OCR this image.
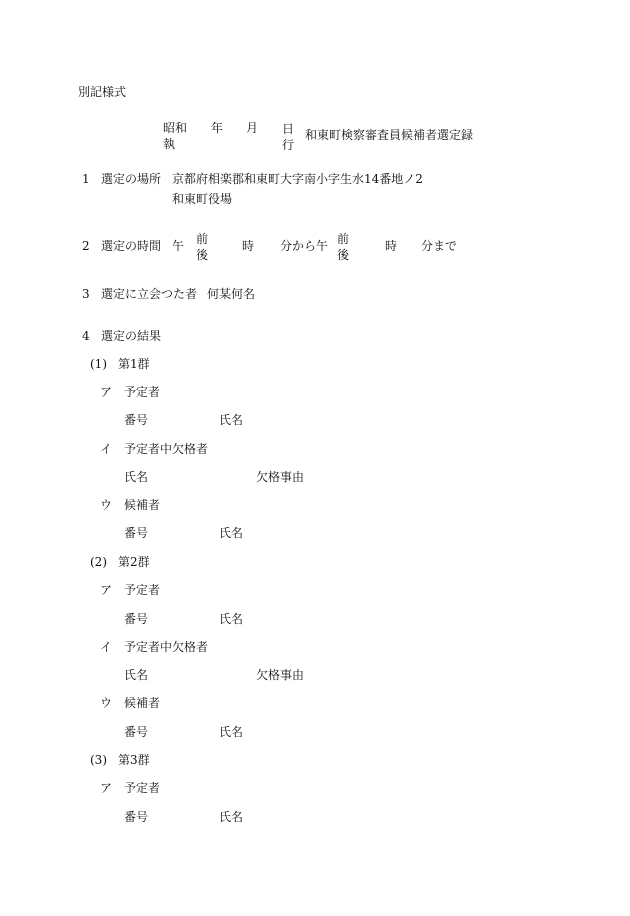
別記様式
昭和
執
年 月 日
行
和東町検察審査員候補者選定録
1 選定の場所 京都府相楽郡和東町大字南小字生水14番地ノ2
和東町役場
2 選定の時間 午 前
後
時 分から午 前
後
時 分まで
3 選定に立会つた者 何某何名
4 選定の結果
(1) 第1群
ア 予定者
番号	氏名
イ 予定者中欠格者
氏名	欠格事由
ウ 候補者
番号	氏名
(2) 第2群
ア 予定者
番号	氏名
イ 予定者中欠格者
氏名	欠格事由
ウ 候補者
番号	氏名
(3) 第3群
ア 予定者
番号	氏名
